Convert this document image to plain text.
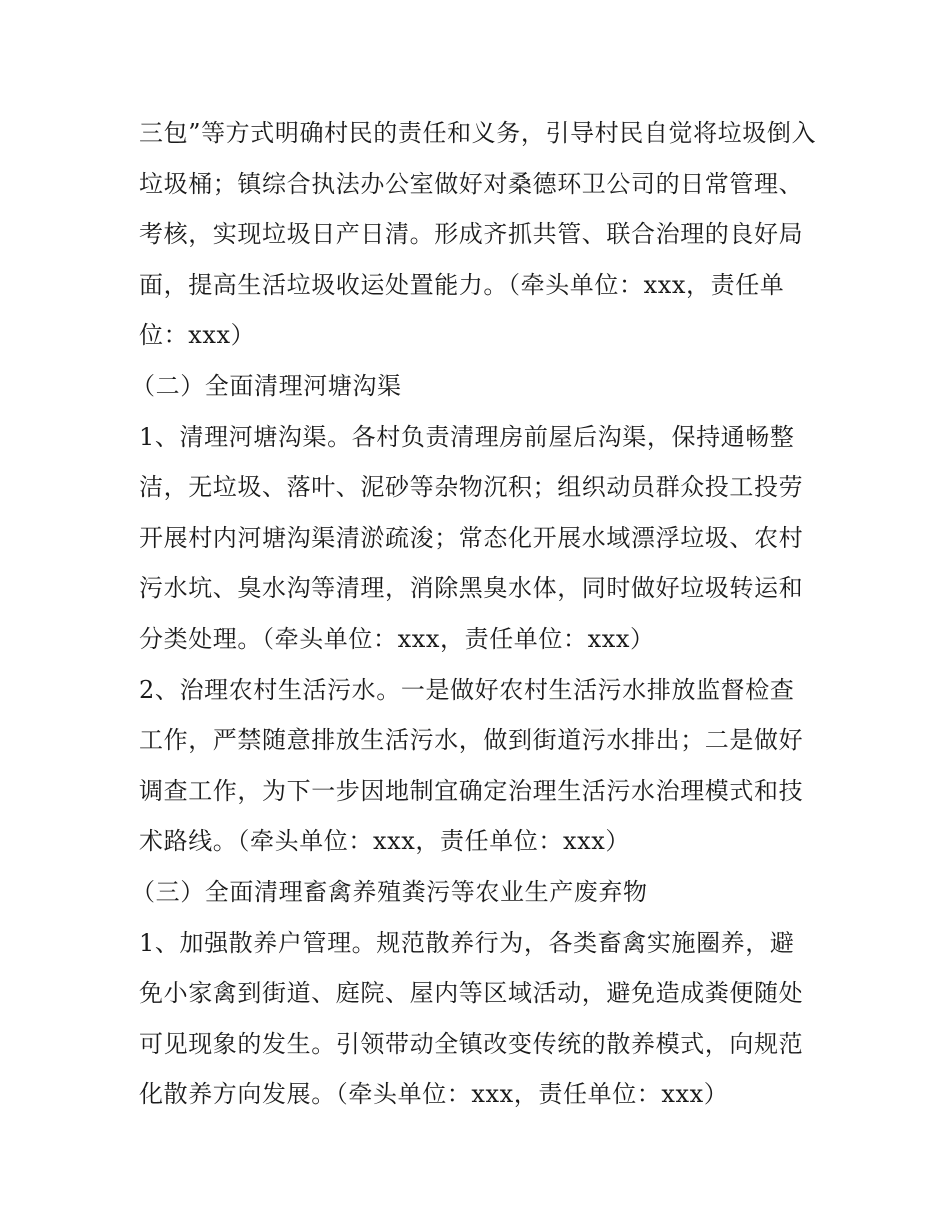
三包”等方式明确村民的责任和义务，引导村民自觉将垃圾倒入垃圾桶；镇综合执法办公室做好对桑德环卫公司的日常管理、考核，实现垃圾日产日清。形成齐抓共管、联合治理的良好局面，提高生活垃圾收运处置能力。（牵头单位：xxx，责任单位：xxx）

（二）全面清理河塘沟渠

1、清理河塘沟渠。各村负责清理房前屋后沟渠，保持通畅整洁，无垃圾、落叶、泥砂等杂物沉积；组织动员群众投工投劳开展村内河塘沟渠清淤疏浚；常态化开展水域漂浮垃圾、农村污水坑、臭水沟等清理，消除黑臭水体，同时做好垃圾转运和分类处理。（牵头单位：xxx，责任单位：xxx）

2、治理农村生活污水。一是做好农村生活污水排放监督检查工作，严禁随意排放生活污水，做到街道污水排出；二是做好调查工作，为下一步因地制宜确定治理生活污水治理模式和技术路线。（牵头单位：xxx，责任单位：xxx）

（三）全面清理畜禽养殖粪污等农业生产废弃物

1、加强散养户管理。规范散养行为，各类畜禽实施圈养，避免小家禽到街道、庭院、屋内等区域活动，避免造成粪便随处可见现象的发生。引领带动全镇改变传统的散养模式，向规范化散养方向发展。（牵头单位：xxx，责任单位：xxx）
